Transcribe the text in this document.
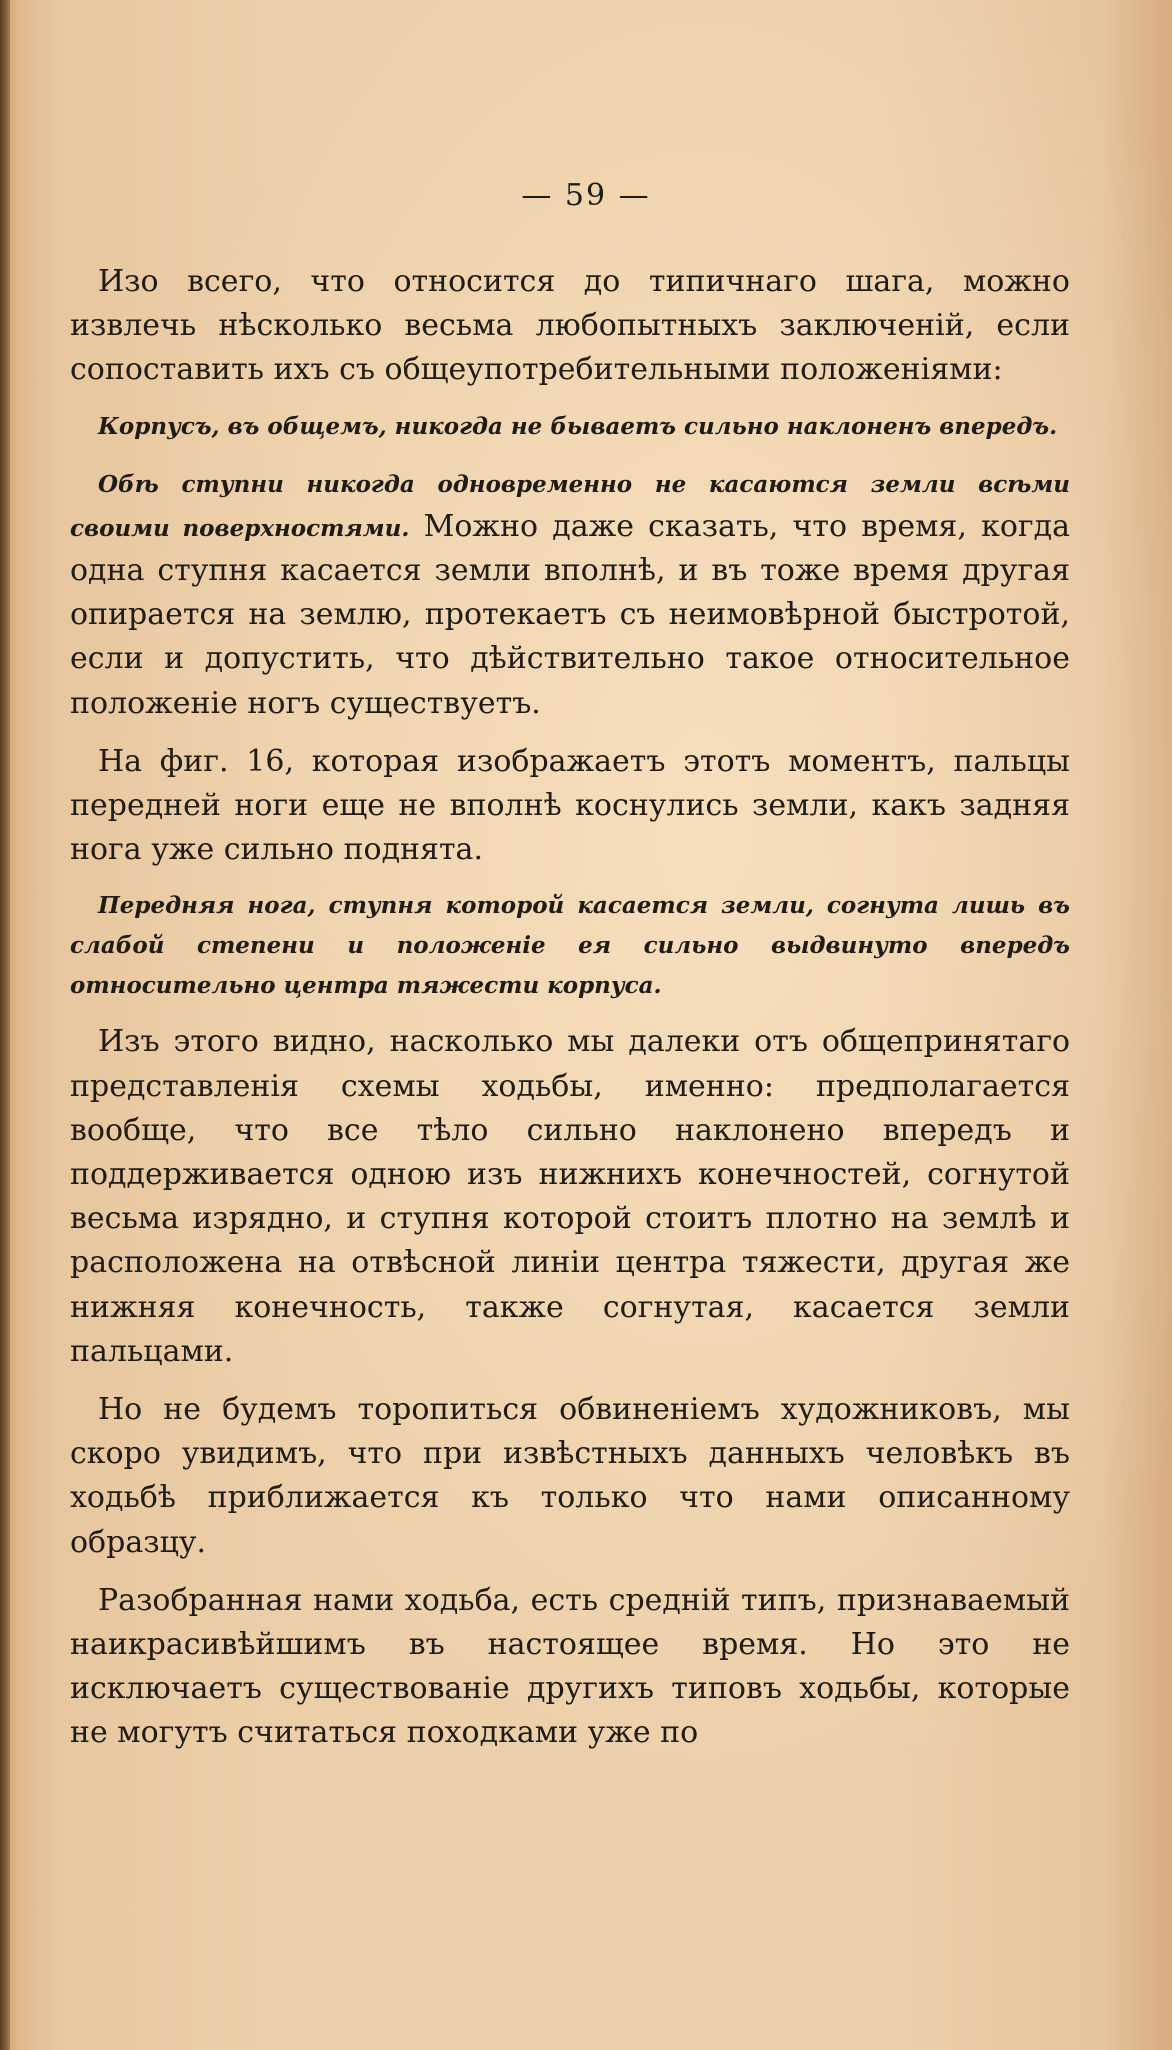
— 59 —

Изо всего, что относится до типичнаго шага, можно извлечь нѣсколько весьма любопытныхъ заключеній, если сопоставить ихъ съ общеупотребительными положеніями:

Корпусъ, въ общемъ, никогда не бываетъ сильно наклоненъ впередъ.

Обѣ ступни никогда одновременно не касаются земли всѣми своими поверхностями. Можно даже сказать, что время, когда одна ступня касается земли вполнѣ, и въ тоже время другая опирается на землю, протекаетъ съ неимовѣрной быстротой, если и допустить, что дѣйствительно такое относительное положеніе ногъ существуетъ.

На фиг. 16, которая изображаетъ этотъ моментъ, пальцы передней ноги еще не вполнѣ коснулись земли, какъ задняя нога уже сильно поднята.

Передняя нога, ступня которой касается земли, согнута лишь въ слабой степени и положеніе ея сильно выдвинуто впередъ относительно центра тяжести корпуса.

Изъ этого видно, насколько мы далеки отъ общепринятаго представленія схемы ходьбы, именно: предполагается вообще, что все тѣло сильно наклонено впередъ и поддерживается одною изъ нижнихъ конечностей, согнутой весьма изрядно, и ступня которой стоитъ плотно на землѣ и расположена на отвѣсной линіи центра тяжести, другая же нижняя конечность, также согнутая, касается земли пальцами.

Но не будемъ торопиться обвиненіемъ художниковъ, мы скоро увидимъ, что при извѣстныхъ данныхъ человѣкъ въ ходьбѣ приближается къ только что нами описанному образцу.

Разобранная нами ходьба, есть среднiй типъ, признаваемый наикрасивѣйшимъ въ настоящее время. Но это не исключаетъ существованiе другихъ типовъ ходьбы, которые не могутъ считаться походками уже по
